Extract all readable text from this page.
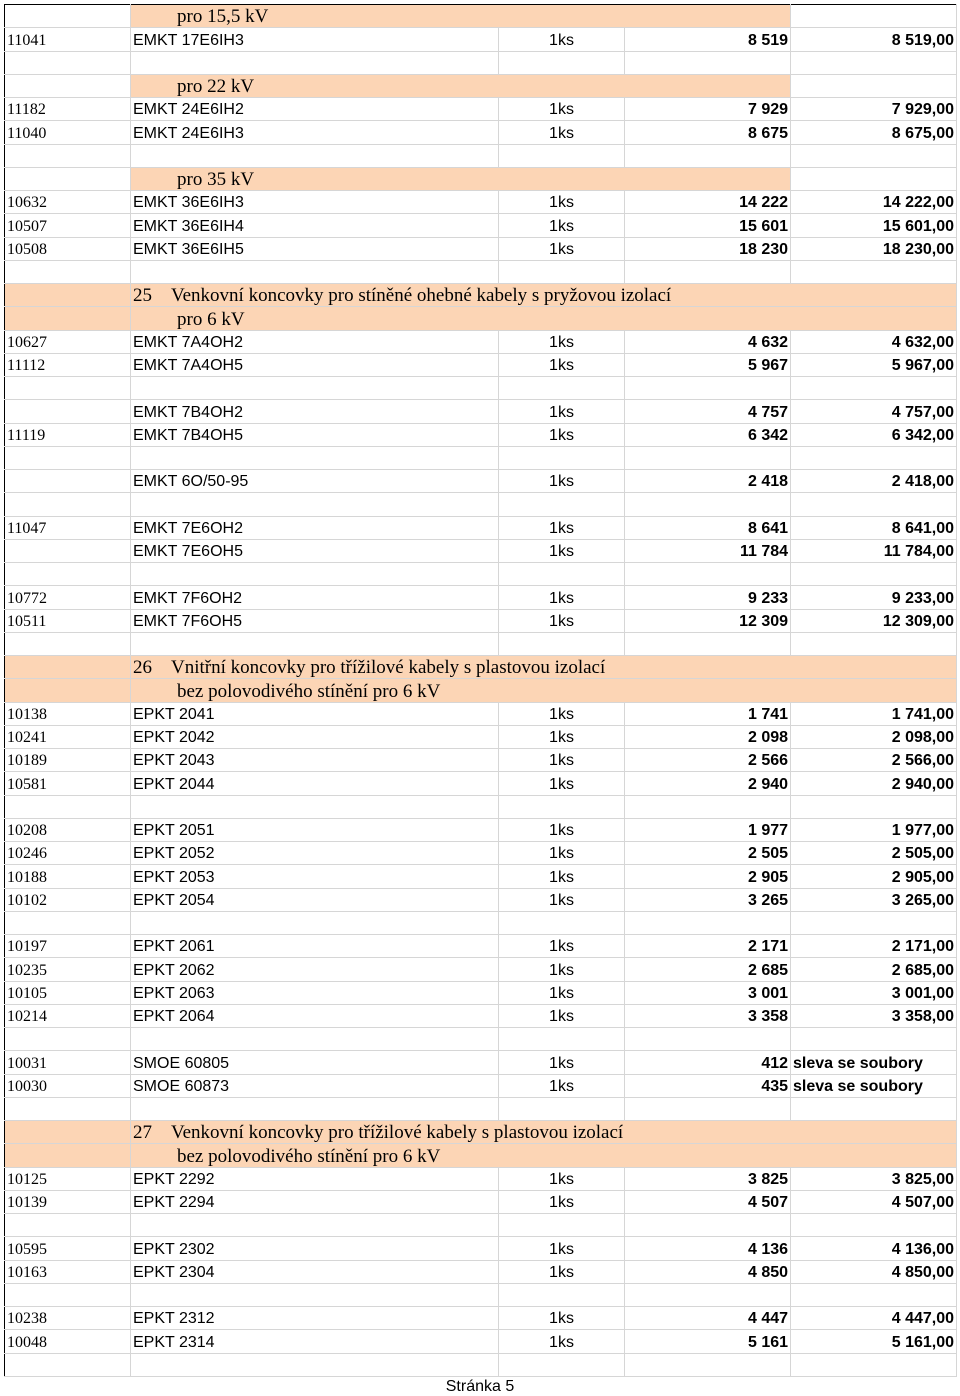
	pro 15,5 kV			
11041	EMKT 17E6IH3	1ks	8 519	8 519,00

	pro 22 kV			
11182	EMKT 24E6IH2	1ks	7 929	7 929,00
11040	EMKT 24E6IH3	1ks	8 675	8 675,00

	pro 35 kV			
10632	EMKT 36E6IH3	1ks	14 222	14 222,00
10507	EMKT 36E6IH4	1ks	15 601	15 601,00
10508	EMKT 36E6IH5	1ks	18 230	18 230,00

	25 Venkovní koncovky pro stíněné ohebné kabely s pryžovou izolací			
	pro 6 kV			
10627	EMKT 7A4OH2	1ks	4 632	4 632,00
11112	EMKT 7A4OH5	1ks	5 967	5 967,00

	EMKT 7B4OH2	1ks	4 757	4 757,00
11119	EMKT 7B4OH5	1ks	6 342	6 342,00

	EMKT 6O/50-95	1ks	2 418	2 418,00

11047	EMKT 7E6OH2	1ks	8 641	8 641,00
	EMKT 7E6OH5	1ks	11 784	11 784,00

10772	EMKT 7F6OH2	1ks	9 233	9 233,00
10511	EMKT 7F6OH5	1ks	12 309	12 309,00

	26 Vnitřní koncovky pro třížilové kabely s plastovou izolací			
	bez polovodivého stínění pro 6 kV			
10138	EPKT 2041	1ks	1 741	1 741,00
10241	EPKT 2042	1ks	2 098	2 098,00
10189	EPKT 2043	1ks	2 566	2 566,00
10581	EPKT 2044	1ks	2 940	2 940,00

10208	EPKT 2051	1ks	1 977	1 977,00
10246	EPKT 2052	1ks	2 505	2 505,00
10188	EPKT 2053	1ks	2 905	2 905,00
10102	EPKT 2054	1ks	3 265	3 265,00

10197	EPKT 2061	1ks	2 171	2 171,00
10235	EPKT 2062	1ks	2 685	2 685,00
10105	EPKT 2063	1ks	3 001	3 001,00
10214	EPKT 2064	1ks	3 358	3 358,00

10031	SMOE 60805	1ks	412	sleva se soubory
10030	SMOE 60873	1ks	435	sleva se soubory

	27 Venkovní koncovky pro třížilové kabely s plastovou izolací			
	bez polovodivého stínění pro 6 kV			
10125	EPKT 2292	1ks	3 825	3 825,00
10139	EPKT 2294	1ks	4 507	4 507,00

10595	EPKT 2302	1ks	4 136	4 136,00
10163	EPKT 2304	1ks	4 850	4 850,00

10238	EPKT 2312	1ks	4 447	4 447,00
10048	EPKT 2314	1ks	5 161	5 161,00

Stránka 5
